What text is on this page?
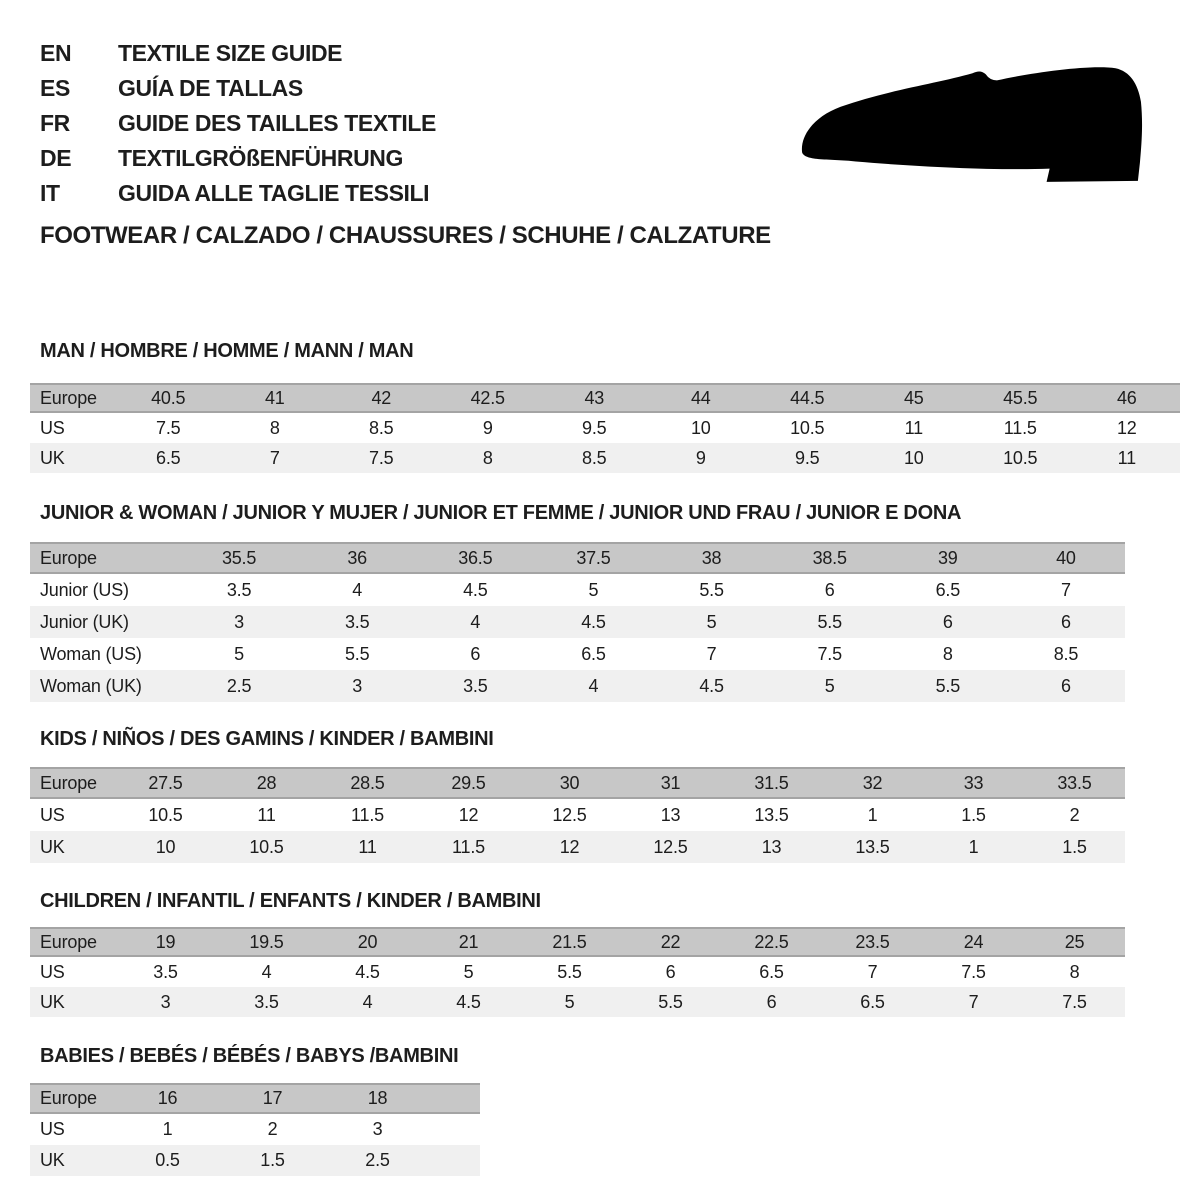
EN	TEXTILE SIZE GUIDE
ES	GUÍA DE TALLAS
FR	GUIDE DES TAILLES TEXTILE
DE	TEXTILGRÖßENFÜHRUNG
IT	GUIDA ALLE TAGLIE TESSILI
FOOTWEAR / CALZADO / CHAUSSURES / SCHUHE / CALZATURE
MAN / HOMBRE / HOMME / MANN / MAN
JUNIOR & WOMAN / JUNIOR Y MUJER / JUNIOR ET FEMME / JUNIOR UND FRAU / JUNIOR E DONA
KIDS / NIÑOS / DES GAMINS / KINDER / BAMBINI
CHILDREN / INFANTIL / ENFANTS / KINDER / BAMBINI
BABIES / BEBÉS / BÉBÉS / BABYS /BAMBINI
Europe	40.5	41	42	42.5	43	44	44.5	45	45.5	46
US	7.5	8	8.5	9	9.5	10	10.5	11	11.5	12
UK	6.5	7	7.5	8	8.5	9	9.5	10	10.5	11
Europe	35.5	36	36.5	37.5	38	38.5	39	40
Junior (US)	3.5	4	4.5	5	5.5	6	6.5	7
Junior (UK)	3	3.5	4	4.5	5	5.5	6	6
Woman (US)	5	5.5	6	6.5	7	7.5	8	8.5
Woman (UK)	2.5	3	3.5	4	4.5	5	5.5	6
Europe	27.5	28	28.5	29.5	30	31	31.5	32	33	33.5
US	10.5	11	11.5	12	12.5	13	13.5	1	1.5	2
UK	10	10.5	11	11.5	12	12.5	13	13.5	1	1.5
Europe	19	19.5	20	21	21.5	22	22.5	23.5	24	25
US	3.5	4	4.5	5	5.5	6	6.5	7	7.5	8
UK	3	3.5	4	4.5	5	5.5	6	6.5	7	7.5
Europe	16	17	18
US	1	2	3
UK	0.5	1.5	2.5
